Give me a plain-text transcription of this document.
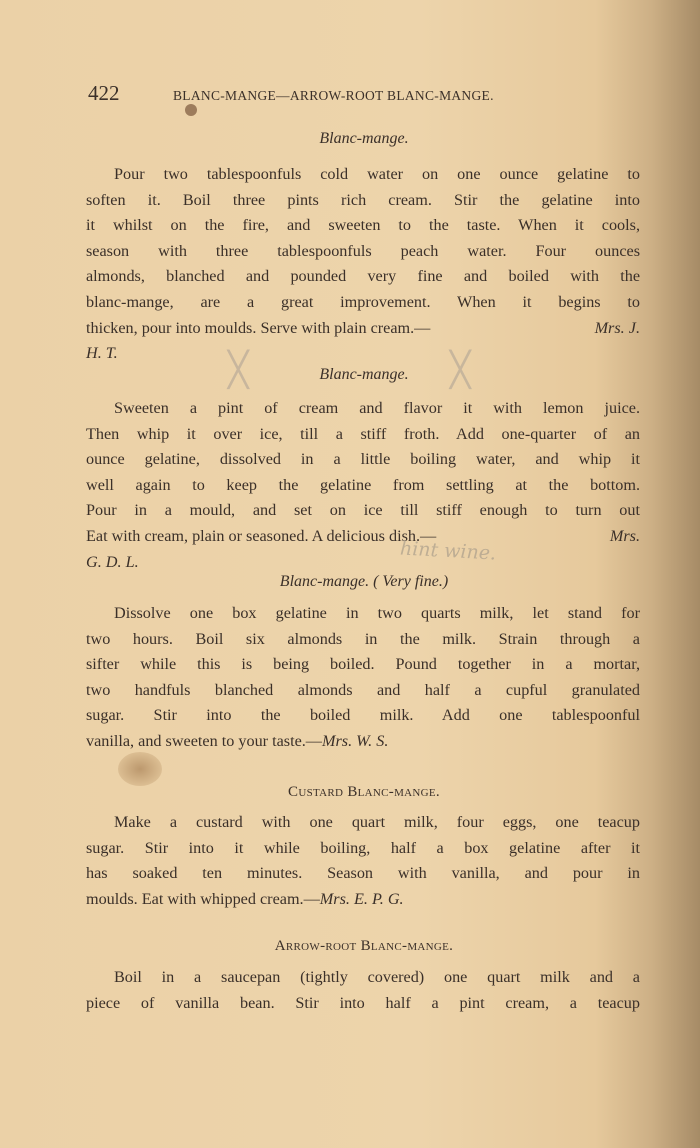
422	BLANC-MANGE—ARROW-ROOT BLANC-MANGE.
Blanc-mange.
Pour two tablespoonfuls cold water on one ounce gelatine to
soften it. Boil three pints rich cream. Stir the gelatine into
it whilst on the fire, and sweeten to the taste. When it cools,
season with three tablespoonfuls peach water. Four ounces
almonds, blanched and pounded very fine and boiled with the
blanc-mange, are a great improvement. When it begins to
thicken, pour into moulds. Serve with plain cream.—	Mrs. J.
H. T.	╳	╳
Blanc-mange.
Sweeten a pint of cream and flavor it with lemon juice.
Then whip it over ice, till a stiff froth. Add one-quarter of an
ounce gelatine, dissolved in a little boiling water, and whip it
well again to keep the gelatine from settling at the bottom.
Pour in a mould, and set on ice till stiff enough to turn out
Eat with cream, plain or seasoned. A delicious dish.—	Mrs.
G. D. L.	hint wine.
Blanc-mange. ( Very fine.)
Dissolve one box gelatine in two quarts milk, let stand for
two hours. Boil six almonds in the milk. Strain through a
sifter while this is being boiled. Pound together in a mortar,
two handfuls blanched almonds and half a cupful granulated
sugar. Stir into the boiled milk. Add one tablespoonful
vanilla, and sweeten to your taste.—Mrs. W. S.
Custard Blanc-mange.
Make a custard with one quart milk, four eggs, one teacup
sugar. Stir into it while boiling, half a box gelatine after it
has soaked ten minutes. Season with vanilla, and pour in
moulds. Eat with whipped cream.—Mrs. E. P. G.
Arrow-root Blanc-mange.
Boil in a saucepan (tightly covered) one quart milk and a
piece of vanilla bean. Stir into half a pint cream, a teacup
